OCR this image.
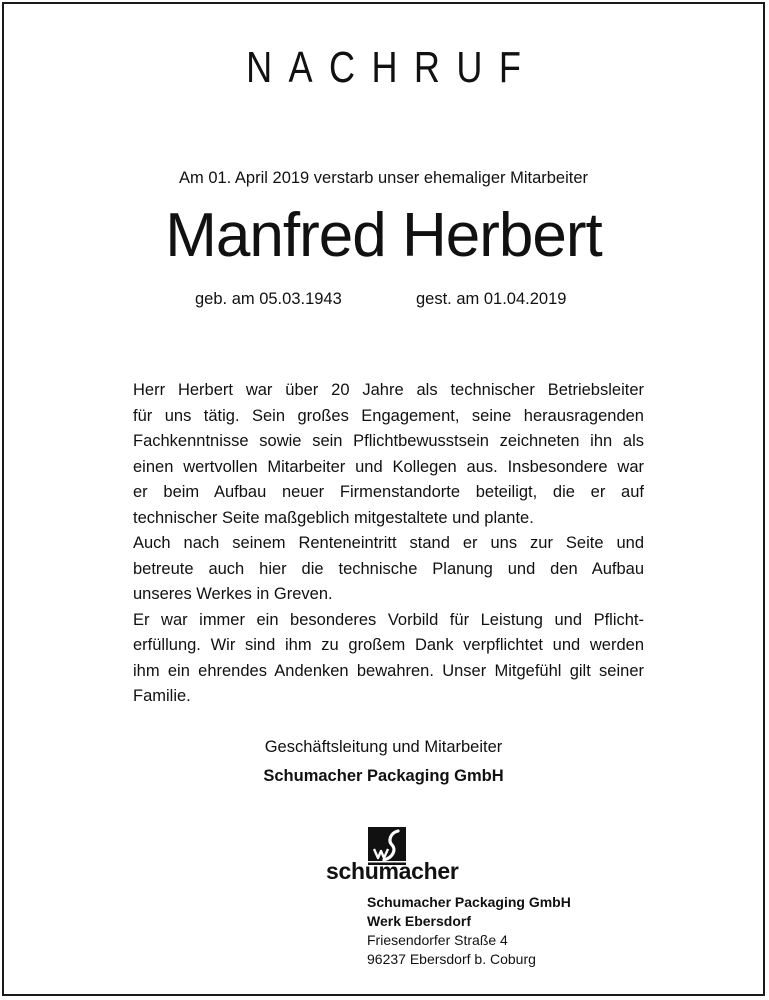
NACHRUF
Am 01. April 2019 verstarb unser ehemaliger Mitarbeiter
Manfred Herbert
geb. am 05.03.1943	gest. am 01.04.2019
Herr Herbert war über 20 Jahre als technischer Betriebsleiter
für uns tätig. Sein großes Engagement, seine herausragenden
Fachkenntnisse sowie sein Pflichtbewusstsein zeichneten ihn als
einen wertvollen Mitarbeiter und Kollegen aus. Insbesondere war
er beim Aufbau neuer Firmenstandorte beteiligt, die er auf
technischer Seite maßgeblich mitgestaltete und plante.
Auch nach seinem Renteneintritt stand er uns zur Seite und
betreute auch hier die technische Planung und den Aufbau
unseres Werkes in Greven.
Er war immer ein besonderes Vorbild für Leistung und Pflicht-
erfüllung. Wir sind ihm zu großem Dank verpflichtet und werden
ihm ein ehrendes Andenken bewahren. Unser Mitgefühl gilt seiner
Familie.
Geschäftsleitung und Mitarbeiter
Schumacher Packaging GmbH
schumacher
Schumacher Packaging GmbH
Werk Ebersdorf
Friesendorfer Straße 4
96237 Ebersdorf b. Coburg
